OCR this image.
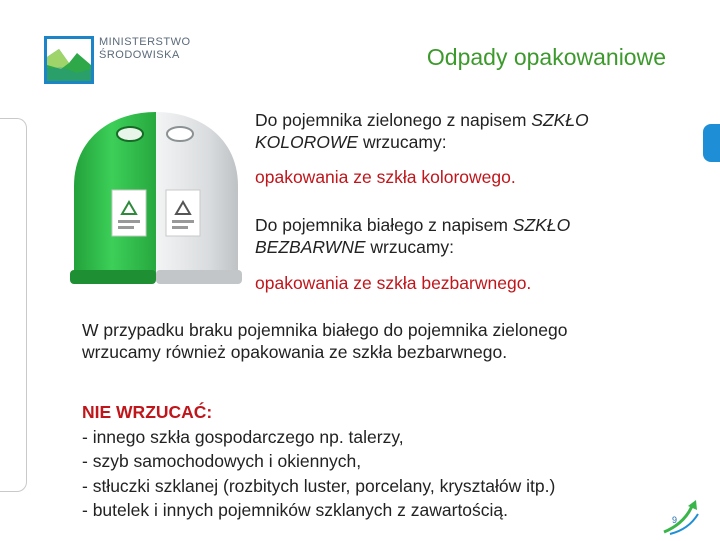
MINISTERSTWO
ŚRODOWISKA	Odpady opakowaniowe
Do pojemnika zielonego z napisem SZKŁO
KOLOROWE wrzucamy:
opakowania ze szkła kolorowego.
Do pojemnika białego z napisem SZKŁO
BEZBARWNE wrzucamy:
opakowania ze szkła bezbarwnego.
W przypadku braku pojemnika białego do pojemnika zielonego
wrzucamy również opakowania ze szkła bezbarwnego.
NIE WRZUCAĆ:
- innego szkła gospodarczego np. talerzy,
- szyb samochodowych i okiennych,
- stłuczki szklanej (rozbitych luster, porcelany, kryształów itp.)
- butelek i innych pojemników szklanych z zawartością.	9
